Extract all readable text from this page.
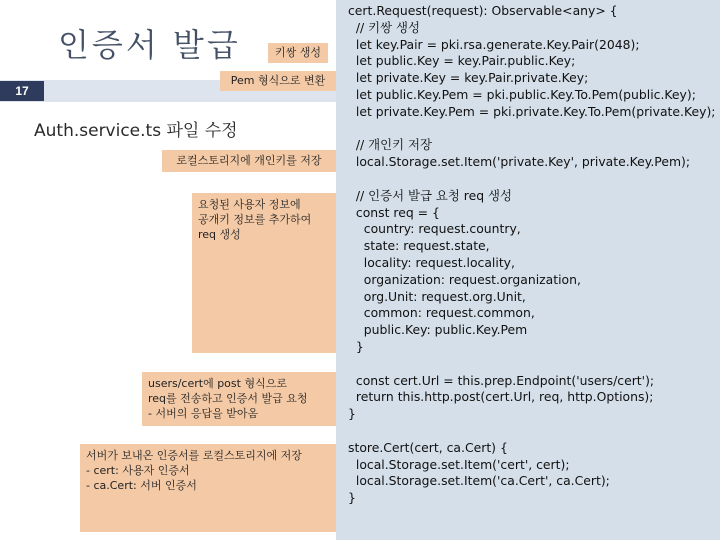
17
인증서 발급
Auth.service.ts 파일 수정
키쌍 생성
Pem 형식으로 변환
로컬스토리지에 개인키를 저장
요청된 사용자 정보에
공개키 정보를 추가하여
req 생성
users/cert에 post 형식으로
req를 전송하고 인증서 발급 요청
- 서버의 응답을 받아옴
서버가 보내온 인증서를 로컬스토리지에 저장
- cert: 사용자 인증서
- ca.Cert: 서버 인증서
cert.Request(request): Observable<any> {
// 키쌍 생성
let key.Pair = pki.rsa.generate.Key.Pair(2048);
let public.Key = key.Pair.public.Key;
let private.Key = key.Pair.private.Key;
let public.Key.Pem = pki.public.Key.To.Pem(public.Key);
let private.Key.Pem = pki.private.Key.To.Pem(private.Key);
// 개인키 저장
local.Storage.set.Item('private.Key', private.Key.Pem);
// 인증서 발급 요청 req 생성
const req = {
country: request.country,
state: request.state,
locality: request.locality,
organization: request.organization,
org.Unit: request.org.Unit,
common: request.common,
public.Key: public.Key.Pem
}
const cert.Url = this.prep.Endpoint('users/cert');
return this.http.post(cert.Url, req, http.Options);
}
store.Cert(cert, ca.Cert) {
local.Storage.set.Item('cert', cert);
local.Storage.set.Item('ca.Cert', ca.Cert);
}
